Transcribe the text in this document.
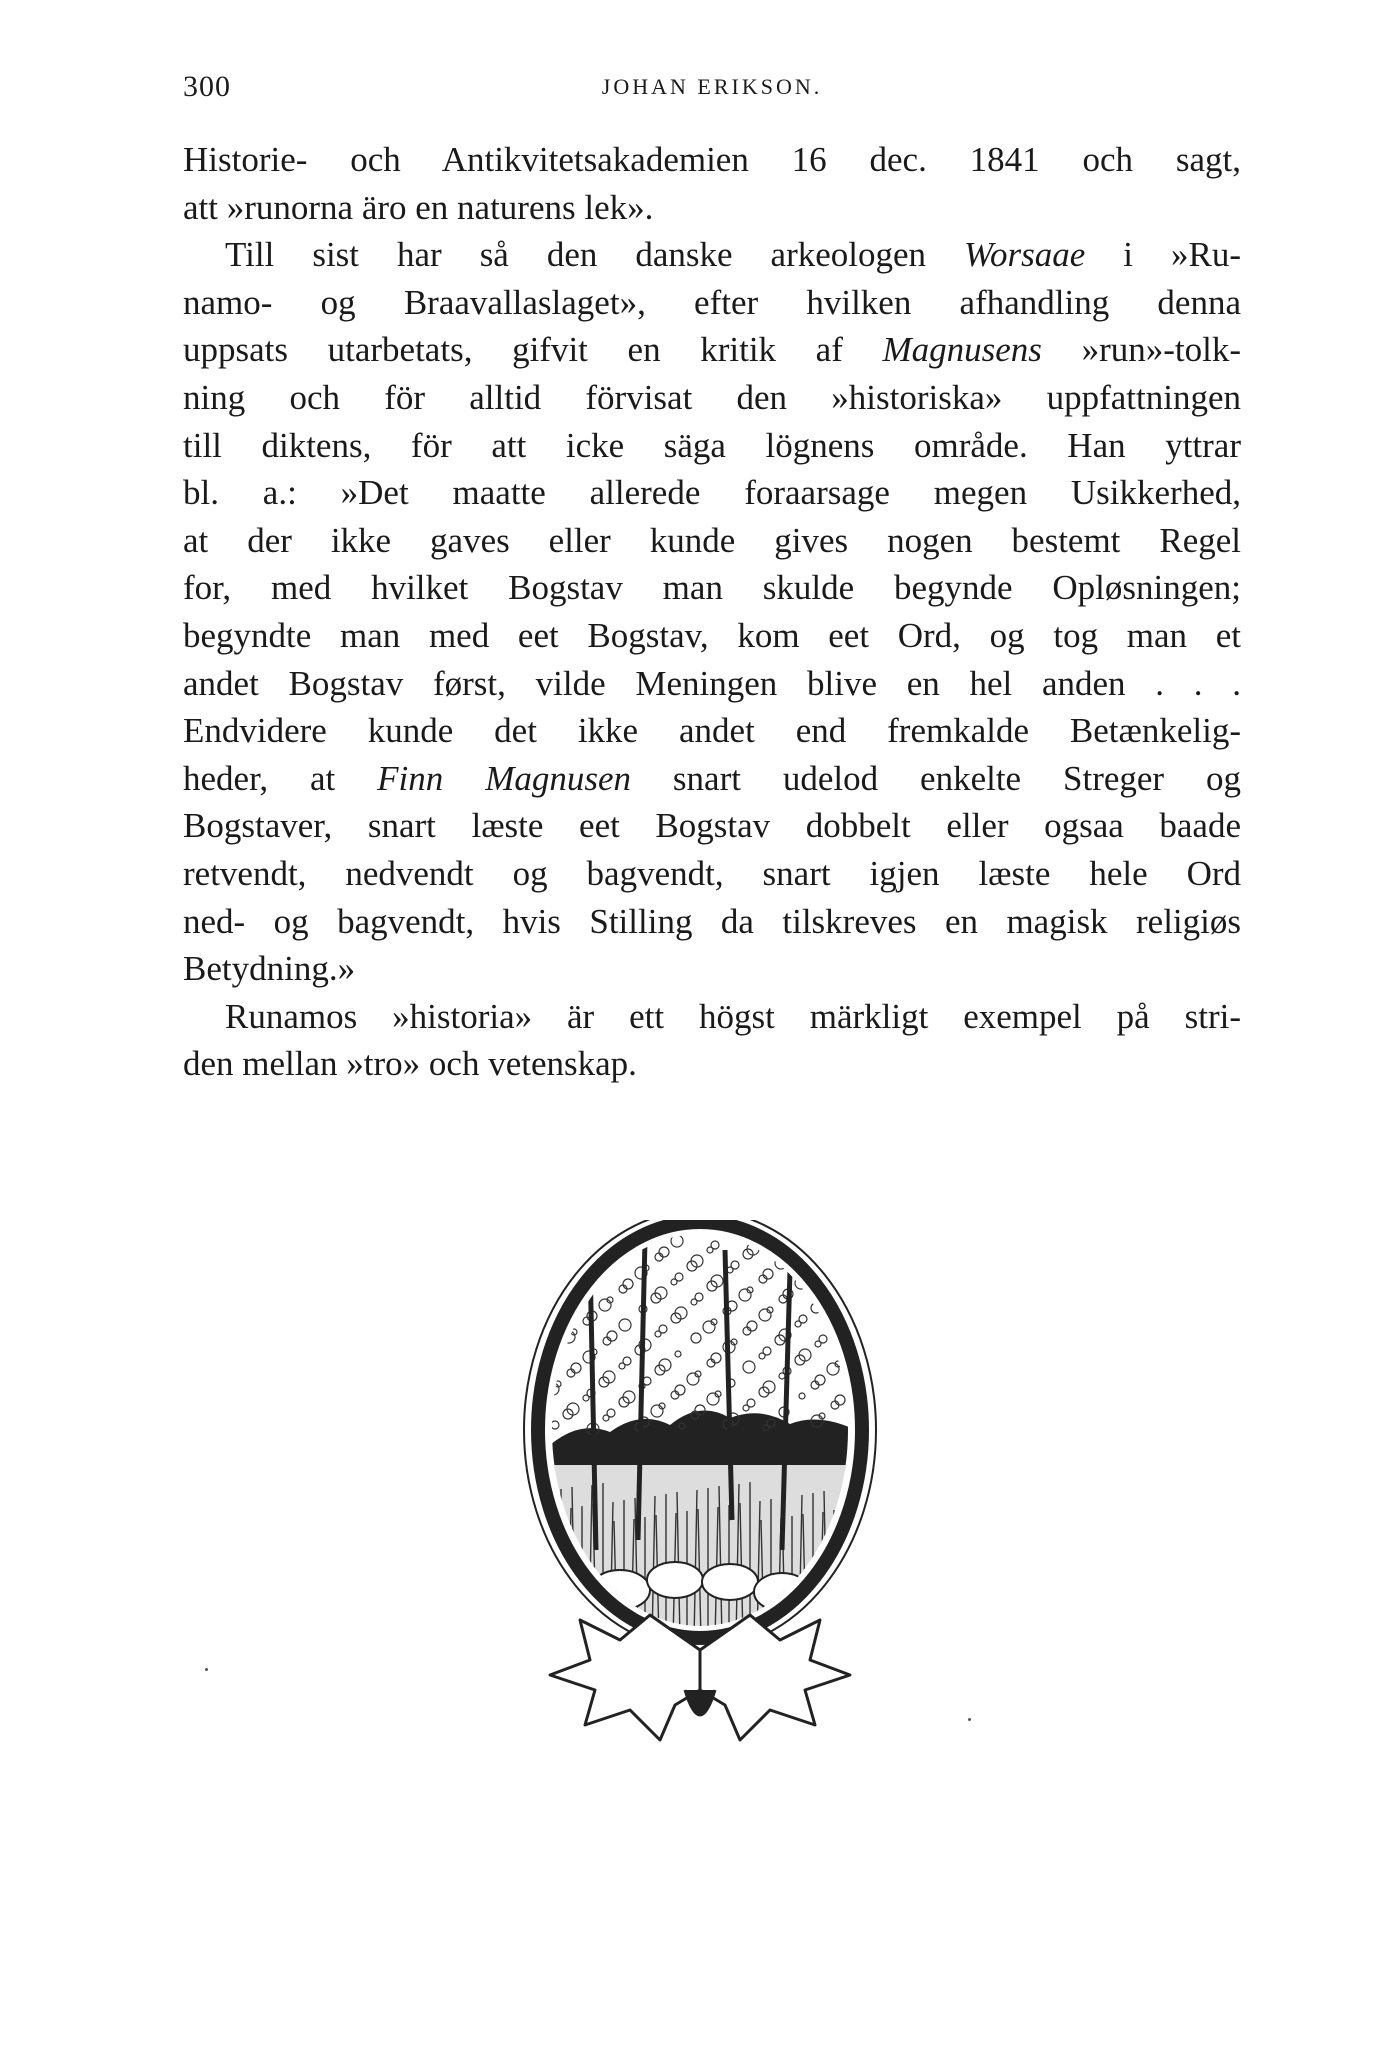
300	JOHAN ERIKSON.
Historie- och Antikvitetsakademien 16 dec. 1841 och sagt,
att »runorna äro en naturens lek».
Till sist har så den danske arkeologen Worsaae i »Ru-
namo- og Braavallaslaget», efter hvilken afhandling denna
uppsats utarbetats, gifvit en kritik af Magnusens »run»-tolk-
ning och för alltid förvisat den »historiska» uppfattningen
till diktens, för att icke säga lögnens område. Han yttrar
bl. a.: »Det maatte allerede foraarsage megen Usikkerhed,
at der ikke gaves eller kunde gives nogen bestemt Regel
for, med hvilket Bogstav man skulde begynde Opløsningen;
begyndte man med eet Bogstav, kom eet Ord, og tog man et
andet Bogstav først, vilde Meningen blive en hel anden . . .
Endvidere kunde det ikke andet end fremkalde Betænkelig-
heder, at Finn Magnusen snart udelod enkelte Streger og
Bogstaver, snart læste eet Bogstav dobbelt eller ogsaa baade
retvendt, nedvendt og bagvendt, snart igjen læste hele Ord
ned- og bagvendt, hvis Stilling da tilskreves en magisk religiøs
Betydning.»
Runamos »historia» är ett högst märkligt exempel på stri-
den mellan »tro» och vetenskap.
